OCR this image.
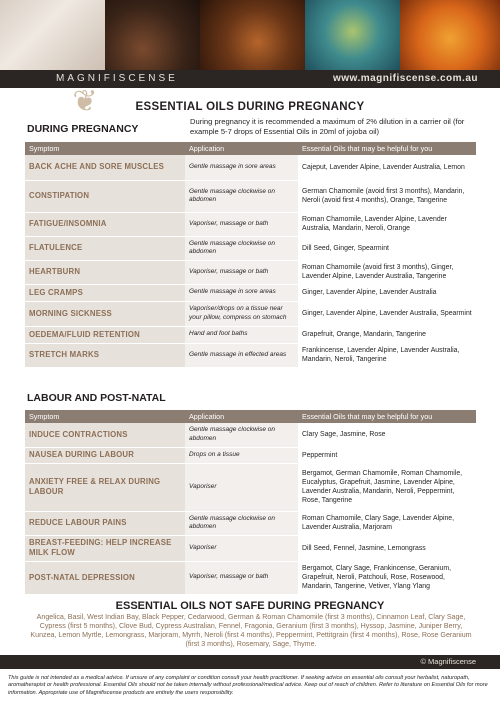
MAGNIFISCENSE	www.magnifiscense.com.au
❦	ESSENTIAL OILS DURING PREGNANCY
DURING PREGNANCY
During pregnancy it is recommended a maximum of 2% dilution in a carrier oil (for example 5-7 drops of Essential Oils in 20ml of jojoba oil)
Symptom	Application	Essential Oils that may be helpful for you
BACK ACHE AND SORE MUSCLES	Gentle massage in sore areas	Cajeput, Lavender Alpine, Lavender Australia, Lemon
CONSTIPATION	Gentle massage clockwise on abdomen	German Chamomile (avoid first 3 months), Mandarin, Neroli (avoid first 4 months), Orange, Tangerine
FATIGUE/INSOMNIA	Vaporiser, massage or bath	Roman Chamomile, Lavender Alpine, Lavender Australia, Mandarin, Neroli, Orange
FLATULENCE	Gentle massage clockwise on abdomen	Dill Seed, Ginger, Spearmint
HEARTBURN	Vaporiser, massage or bath	Roman Chamomile (avoid first 3 months), Ginger, Lavender Alpine, Lavender Australia, Tangerine
LEG CRAMPS	Gentle massage in sore areas	Ginger, Lavender Alpine, Lavender Australia
MORNING SICKNESS	Vaporiser/drops on a tissue near your pillow, compress on stomach	Ginger, Lavender Alpine, Lavender Australia, Spearmint
OEDEMA/FLUID RETENTION	Hand and foot baths	Grapefruit, Orange, Mandarin, Tangerine
STRETCH MARKS	Gentle massage in effected areas	Frankincense, Lavender Alpine, Lavender Australia, Mandarin, Neroli, Tangerine
LABOUR AND POST-NATAL
Symptom	Application	Essential Oils that may be helpful for you
INDUCE CONTRACTIONS	Gentle massage clockwise on abdomen	Clary Sage, Jasmine, Rose
NAUSEA DURING LABOUR	Drops on a tissue	Peppermint
ANXIETY FREE & RELAX DURING LABOUR	Vaporiser	Bergamot, German Chamomile, Roman Chamomile, Eucalyptus, Grapefruit, Jasmine, Lavender Alpine, Lavender Australia, Mandarin, Neroli, Peppermint, Rose, Tangerine
REDUCE LABOUR PAINS	Gentle massage clockwise on abdomen	Roman Chamomile, Clary Sage, Lavender Alpine, Lavender Australia, Marjoram
BREAST-FEEDING: HELP INCREASE MILK FLOW	Vaporiser	Dill Seed, Fennel, Jasmine, Lemongrass
POST-NATAL DEPRESSION	Vaporiser, massage or bath	Bergamot, Clary Sage, Frankincense, Geranium, Grapefruit, Neroli, Patchouli, Rose, Rosewood, Mandarin, Tangerine, Vetiver, Ylang Ylang
ESSENTIAL OILS NOT SAFE DURING PREGNANCY
Angelica, Basil, West Indian Bay, Black Pepper, Cedarwood, German & Roman Chamomile (first 3 months), Cinnamon Leaf, Clary Sage, Cypress (first 5 months), Clove Bud, Cypress Australian, Fennel, Fragonia, Geranium (first 3 months), Hyssop, Jasmine, Juniper Berry, Kunzea, Lemon Myrtle, Lemongrass, Marjoram, Myrrh, Neroli (first 4 months), Peppermint, Pettitgrain (first 4 months), Rose, Rose Geranium (first 3 months), Rosemary, Sage, Thyme.
© Magnifiscense
This guide is not intended as a medical advice. If unsure of any complaint or condition consult your health practitioner. If seeking advice on essential oils consult your herbalist, naturopath, aromatherapist or health professional. Essential Oils should not be taken internally without professional/medical advice. Keep out of reach of children. Refer to literature on Essential Oils for more information. Appropriate use of Magnifiscense products are entirely the users responsibility.
